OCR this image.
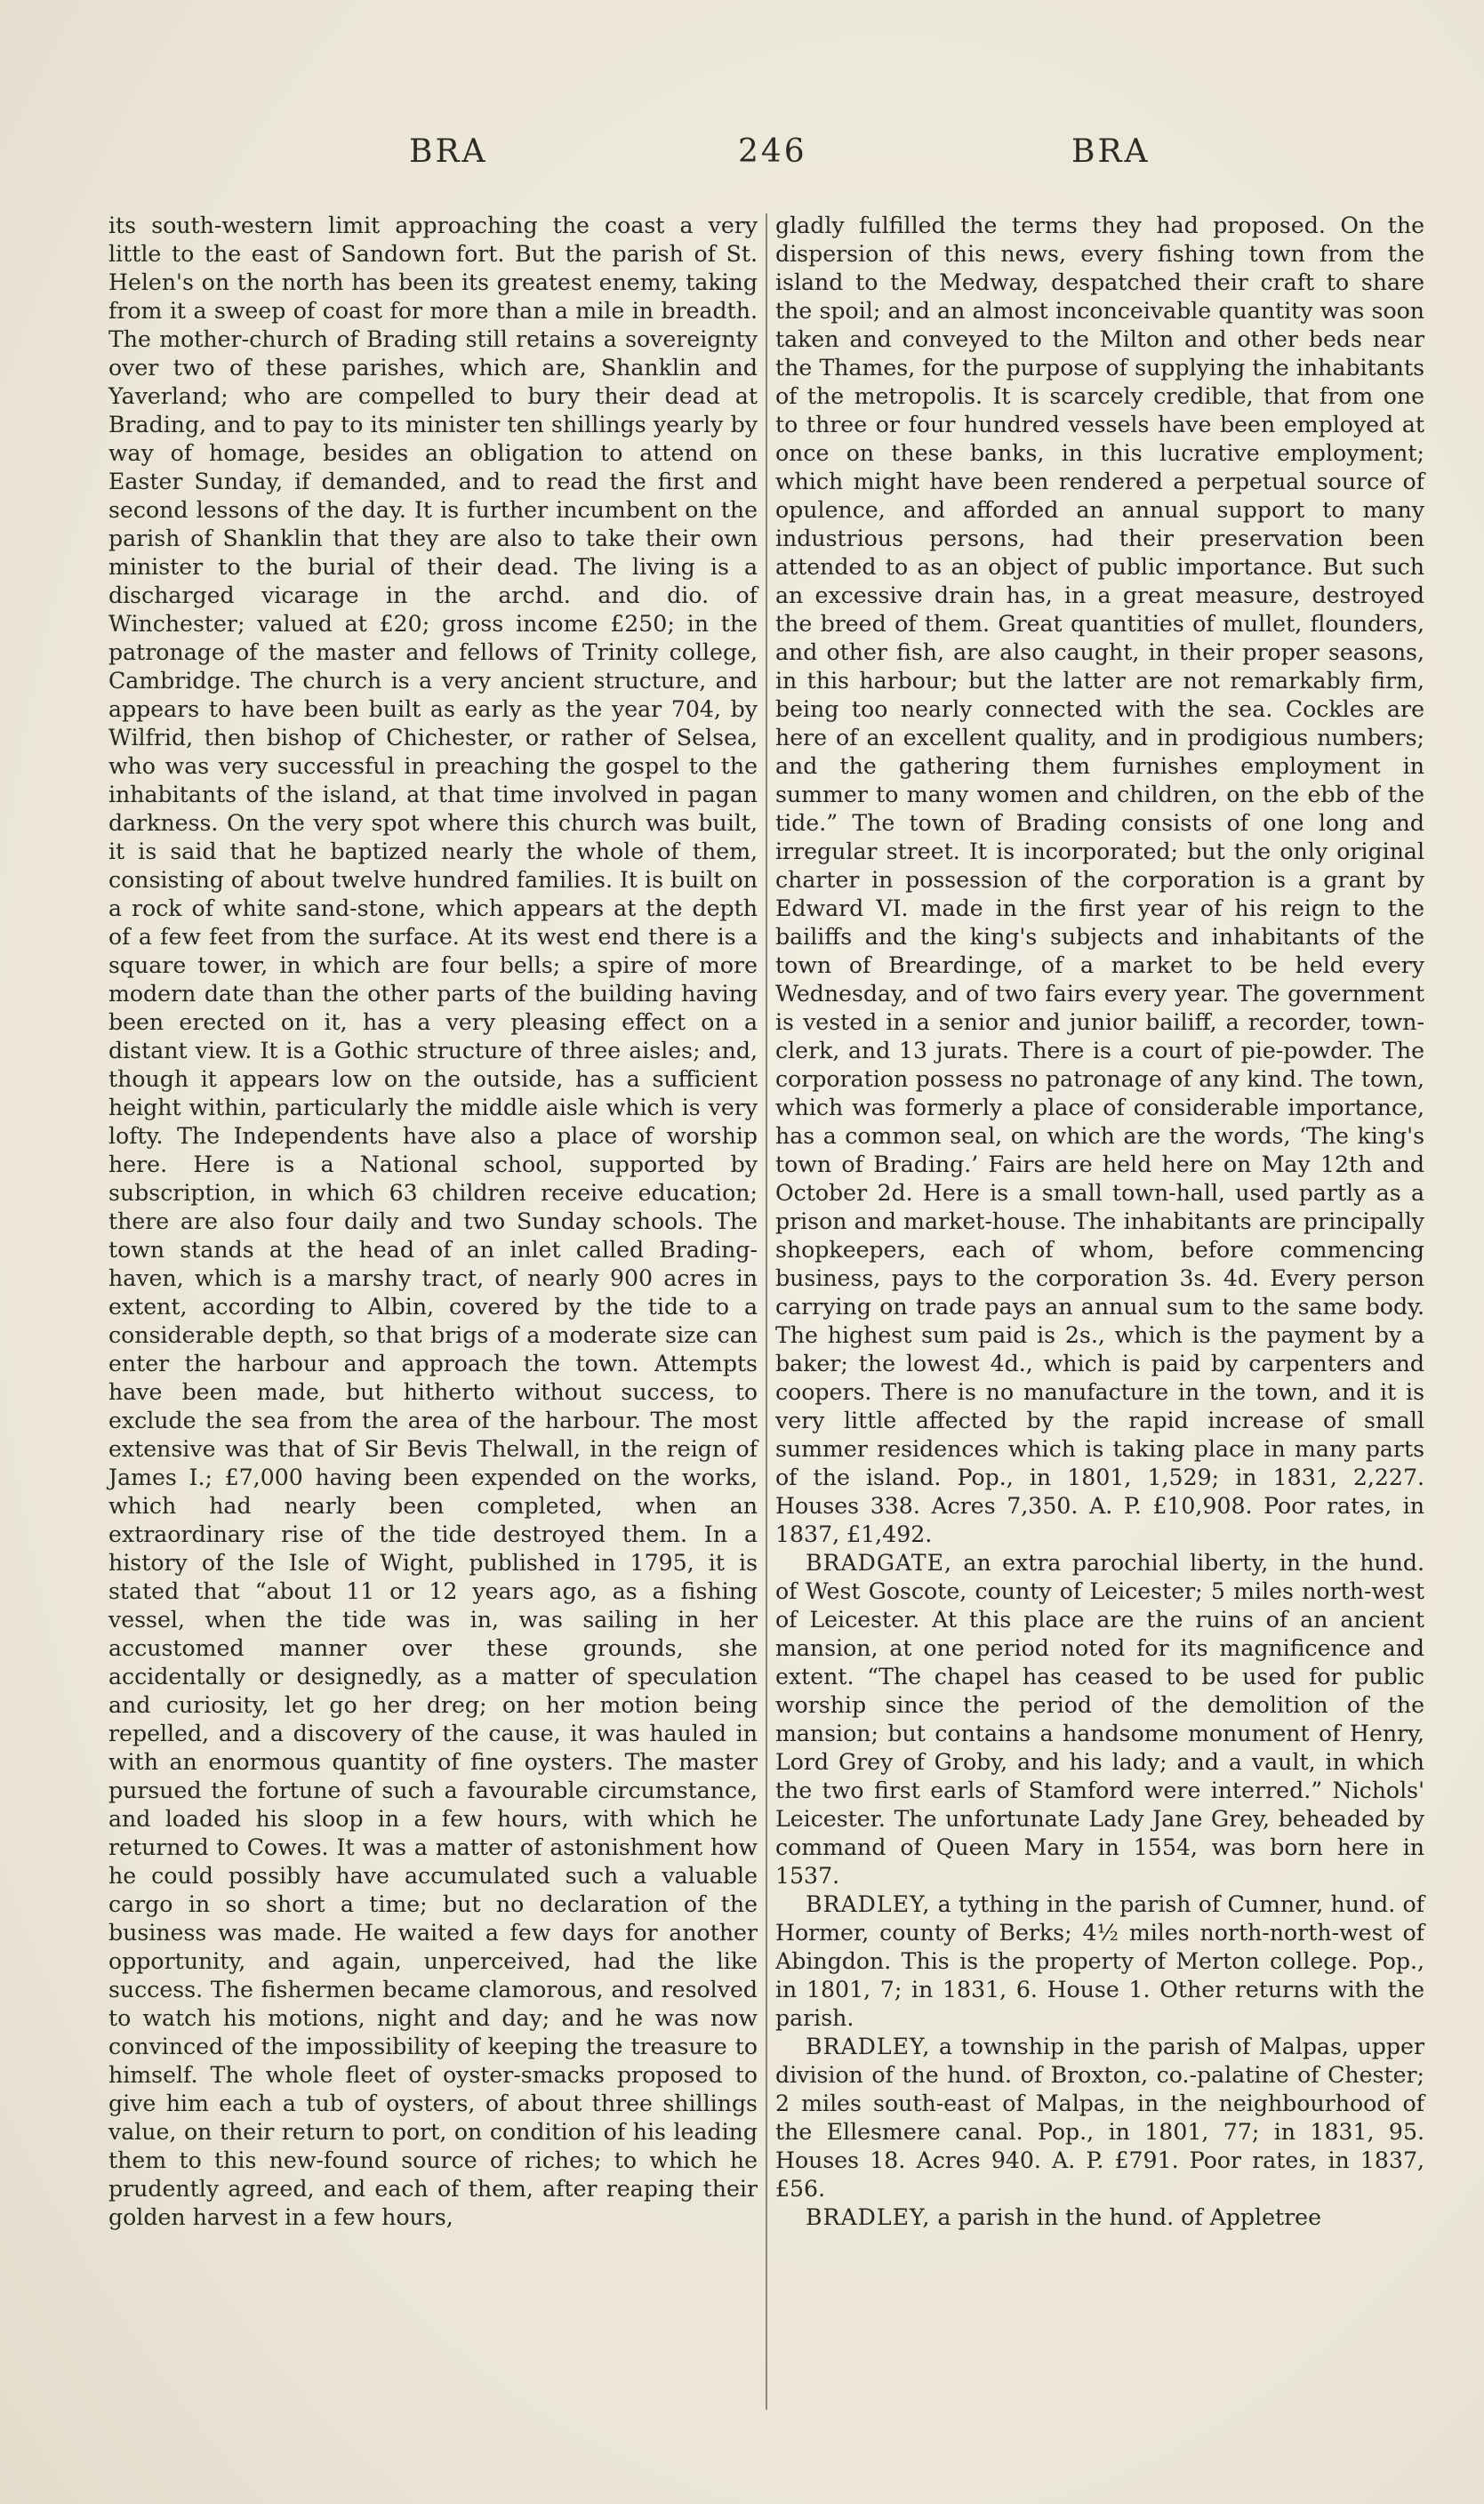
BRA	246	BRA

its south-western limit approaching the coast a very little to the east of Sandown fort. But the parish of St. Helen's on the north has been its greatest enemy, taking from it a sweep of coast for more than a mile in breadth. The mother-church of Brading still retains a sovereignty over two of these parishes, which are, Shanklin and Yaverland; who are compelled to bury their dead at Brading, and to pay to its minister ten shillings yearly by way of homage, besides an obligation to attend on Easter Sunday, if demanded, and to read the first and second lessons of the day. It is further incumbent on the parish of Shanklin that they are also to take their own minister to the burial of their dead. The living is a discharged vicarage in the archd. and dio. of Winchester; valued at £20; gross income £250; in the patronage of the master and fellows of Trinity college, Cambridge. The church is a very ancient structure, and appears to have been built as early as the year 704, by Wilfrid, then bishop of Chichester, or rather of Selsea, who was very successful in preaching the gospel to the inhabitants of the island, at that time involved in pagan darkness. On the very spot where this church was built, it is said that he baptized nearly the whole of them, consisting of about twelve hundred families. It is built on a rock of white sand-stone, which appears at the depth of a few feet from the surface. At its west end there is a square tower, in which are four bells; a spire of more modern date than the other parts of the building having been erected on it, has a very pleasing effect on a distant view. It is a Gothic structure of three aisles; and, though it appears low on the outside, has a sufficient height within, particularly the middle aisle which is very lofty. The Independents have also a place of worship here. Here is a National school, supported by subscription, in which 63 children receive education; there are also four daily and two Sunday schools. The town stands at the head of an inlet called Brading-haven, which is a marshy tract, of nearly 900 acres in extent, according to Albin, covered by the tide to a considerable depth, so that brigs of a moderate size can enter the harbour and approach the town. Attempts have been made, but hitherto without success, to exclude the sea from the area of the harbour. The most extensive was that of Sir Bevis Thelwall, in the reign of James I.; £7,000 having been expended on the works, which had nearly been completed, when an extraordinary rise of the tide destroyed them. In a history of the Isle of Wight, published in 1795, it is stated that “about 11 or 12 years ago, as a fishing vessel, when the tide was in, was sailing in her accustomed manner over these grounds, she accidentally or designedly, as a matter of speculation and curiosity, let go her dreg; on her motion being repelled, and a discovery of the cause, it was hauled in with an enormous quantity of fine oysters. The master pursued the fortune of such a favourable circumstance, and loaded his sloop in a few hours, with which he returned to Cowes. It was a matter of astonishment how he could possibly have accumulated such a valuable cargo in so short a time; but no declaration of the business was made. He waited a few days for another opportunity, and again, unperceived, had the like success. The fishermen became clamorous, and resolved to watch his motions, night and day; and he was now convinced of the impossibility of keeping the treasure to himself. The whole fleet of oyster-smacks proposed to give him each a tub of oysters, of about three shillings value, on their return to port, on condition of his leading them to this new-found source of riches; to which he prudently agreed, and each of them, after reaping their golden harvest in a few hours,

gladly fulfilled the terms they had proposed. On the dispersion of this news, every fishing town from the island to the Medway, despatched their craft to share the spoil; and an almost inconceivable quantity was soon taken and conveyed to the Milton and other beds near the Thames, for the purpose of supplying the inhabitants of the metropolis. It is scarcely credible, that from one to three or four hundred vessels have been employed at once on these banks, in this lucrative employment; which might have been rendered a perpetual source of opulence, and afforded an annual support to many industrious persons, had their preservation been attended to as an object of public importance. But such an excessive drain has, in a great measure, destroyed the breed of them. Great quantities of mullet, flounders, and other fish, are also caught, in their proper seasons, in this harbour; but the latter are not remarkably firm, being too nearly connected with the sea. Cockles are here of an excellent quality, and in prodigious numbers; and the gathering them furnishes employment in summer to many women and children, on the ebb of the tide.” The town of Brading consists of one long and irregular street. It is incorporated; but the only original charter in possession of the corporation is a grant by Edward VI. made in the first year of his reign to the bailiffs and the king's subjects and inhabitants of the town of Breardinge, of a market to be held every Wednesday, and of two fairs every year. The government is vested in a senior and junior bailiff, a recorder, town-clerk, and 13 jurats. There is a court of pie-powder. The corporation possess no patronage of any kind. The town, which was formerly a place of considerable importance, has a common seal, on which are the words, ‘The king's town of Brading.’ Fairs are held here on May 12th and October 2d. Here is a small town-hall, used partly as a prison and market-house. The inhabitants are principally shopkeepers, each of whom, before commencing business, pays to the corporation 3s. 4d. Every person carrying on trade pays an annual sum to the same body. The highest sum paid is 2s., which is the payment by a baker; the lowest 4d., which is paid by carpenters and coopers. There is no manufacture in the town, and it is very little affected by the rapid increase of small summer residences which is taking place in many parts of the island. Pop., in 1801, 1,529; in 1831, 2,227. Houses 338. Acres 7,350. A. P. £10,908. Poor rates, in 1837, £1,492.

BRADGATE, an extra parochial liberty, in the hund. of West Goscote, county of Leicester; 5 miles north-west of Leicester. At this place are the ruins of an ancient mansion, at one period noted for its magnificence and extent. “The chapel has ceased to be used for public worship since the period of the demolition of the mansion; but contains a handsome monument of Henry, Lord Grey of Groby, and his lady; and a vault, in which the two first earls of Stamford were interred.” Nichols' Leicester. The unfortunate Lady Jane Grey, beheaded by command of Queen Mary in 1554, was born here in 1537.

BRADLEY, a tything in the parish of Cumner, hund. of Hormer, county of Berks; 4½ miles north-north-west of Abingdon. This is the property of Merton college. Pop., in 1801, 7; in 1831, 6. House 1. Other returns with the parish.

BRADLEY, a township in the parish of Malpas, upper division of the hund. of Broxton, co.-palatine of Chester; 2 miles south-east of Malpas, in the neighbourhood of the Ellesmere canal. Pop., in 1801, 77; in 1831, 95. Houses 18. Acres 940. A. P. £791. Poor rates, in 1837, £56.

BRADLEY, a parish in the hund. of Appletree
